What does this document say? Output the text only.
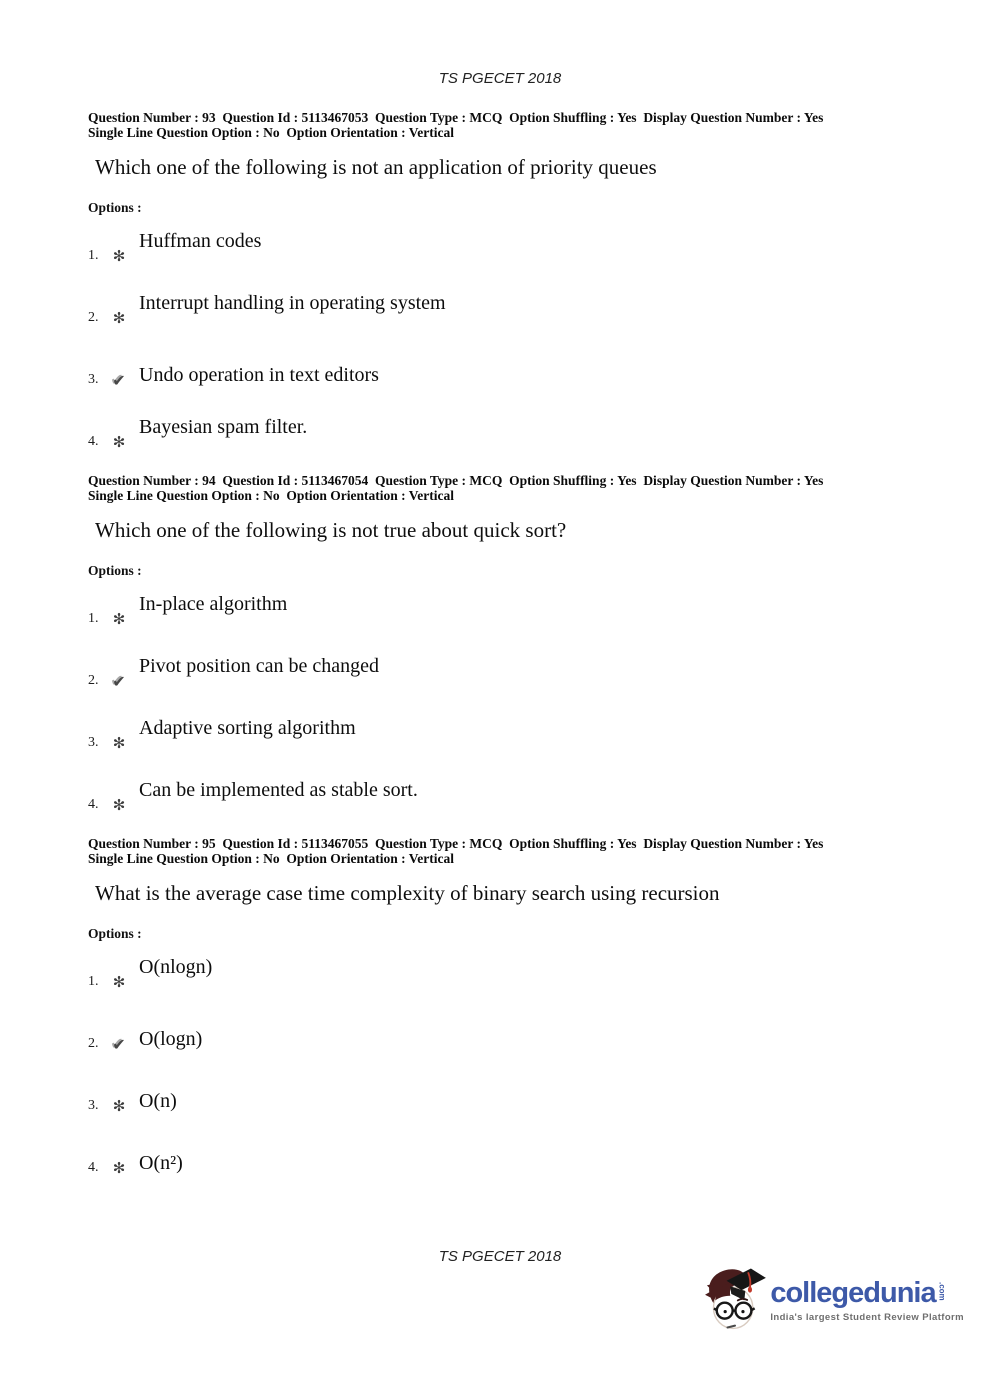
TS PGECET 2018
Question Number : 93  Question Id : 5113467053  Question Type : MCQ  Option Shuffling : Yes  Display Question Number : Yes
Single Line Question Option : No  Option Orientation : Vertical
Which one of the following is not an application of priority queues
Options :
1. ✻
Huffman codes
2. ✻
Interrupt handling in operating system
3. ✔ Undo operation in text editors
4. ✻
Bayesian spam filter.
Question Number : 94  Question Id : 5113467054  Question Type : MCQ  Option Shuffling : Yes  Display Question Number : Yes
Single Line Question Option : No  Option Orientation : Vertical
Which one of the following is not true about quick sort?
Options :
1. ✻
In-place algorithm
2. ✔
Pivot position can be changed
3. ✻
Adaptive sorting algorithm
4. ✻
Can be implemented as stable sort.
Question Number : 95  Question Id : 5113467055  Question Type : MCQ  Option Shuffling : Yes  Display Question Number : Yes
Single Line Question Option : No  Option Orientation : Vertical
What is the average case time complexity of binary search using recursion
Options :
1. ✻
O(nlogn)
2. ✔ O(logn)
3. ✻ O(n)
4. ✻ O(n²)
TS PGECET 2018
collegedunia .com
India's largest Student Review Platform
